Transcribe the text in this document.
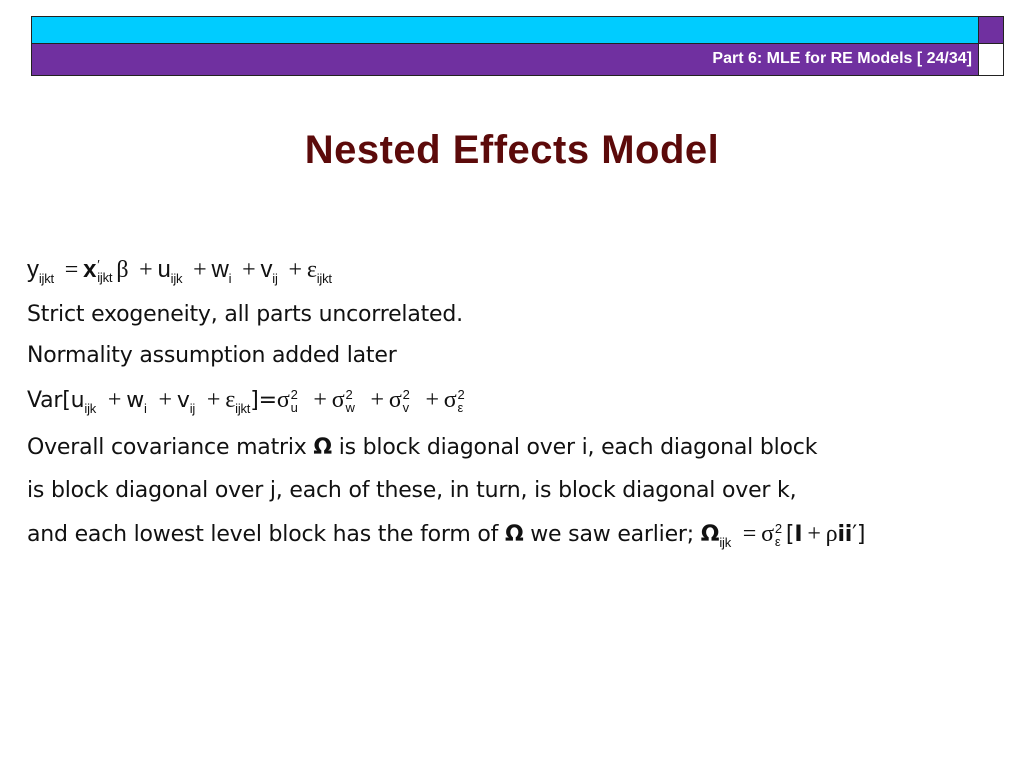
Part 6: MLE for RE Models [ 24/34]
Nested Effects Model
$y_{ijkt} = x$ ′
ijkt $\beta + u_{ijk} + w_i + v_{ij} + \varepsilon_{ijkt}$
Strict exogeneity, all parts uncorrelated.
Normality assumption added later
$Var[u_{ijk} + w_i + v_{ij} + \varepsilon_{ijkt}]=\sigma$ 2
u + σ 2
w + σ 2
v + σ 2
ε
Overall covariance matrix Ω is block diagonal over i, each diagonal block
is block diagonal over j, each of these, in turn, is block diagonal over k,
and each lowest level block has the form of Ω we saw earlier; $\Omega_{ijk} = \sigma$ 2
ε [I + ρii′]
